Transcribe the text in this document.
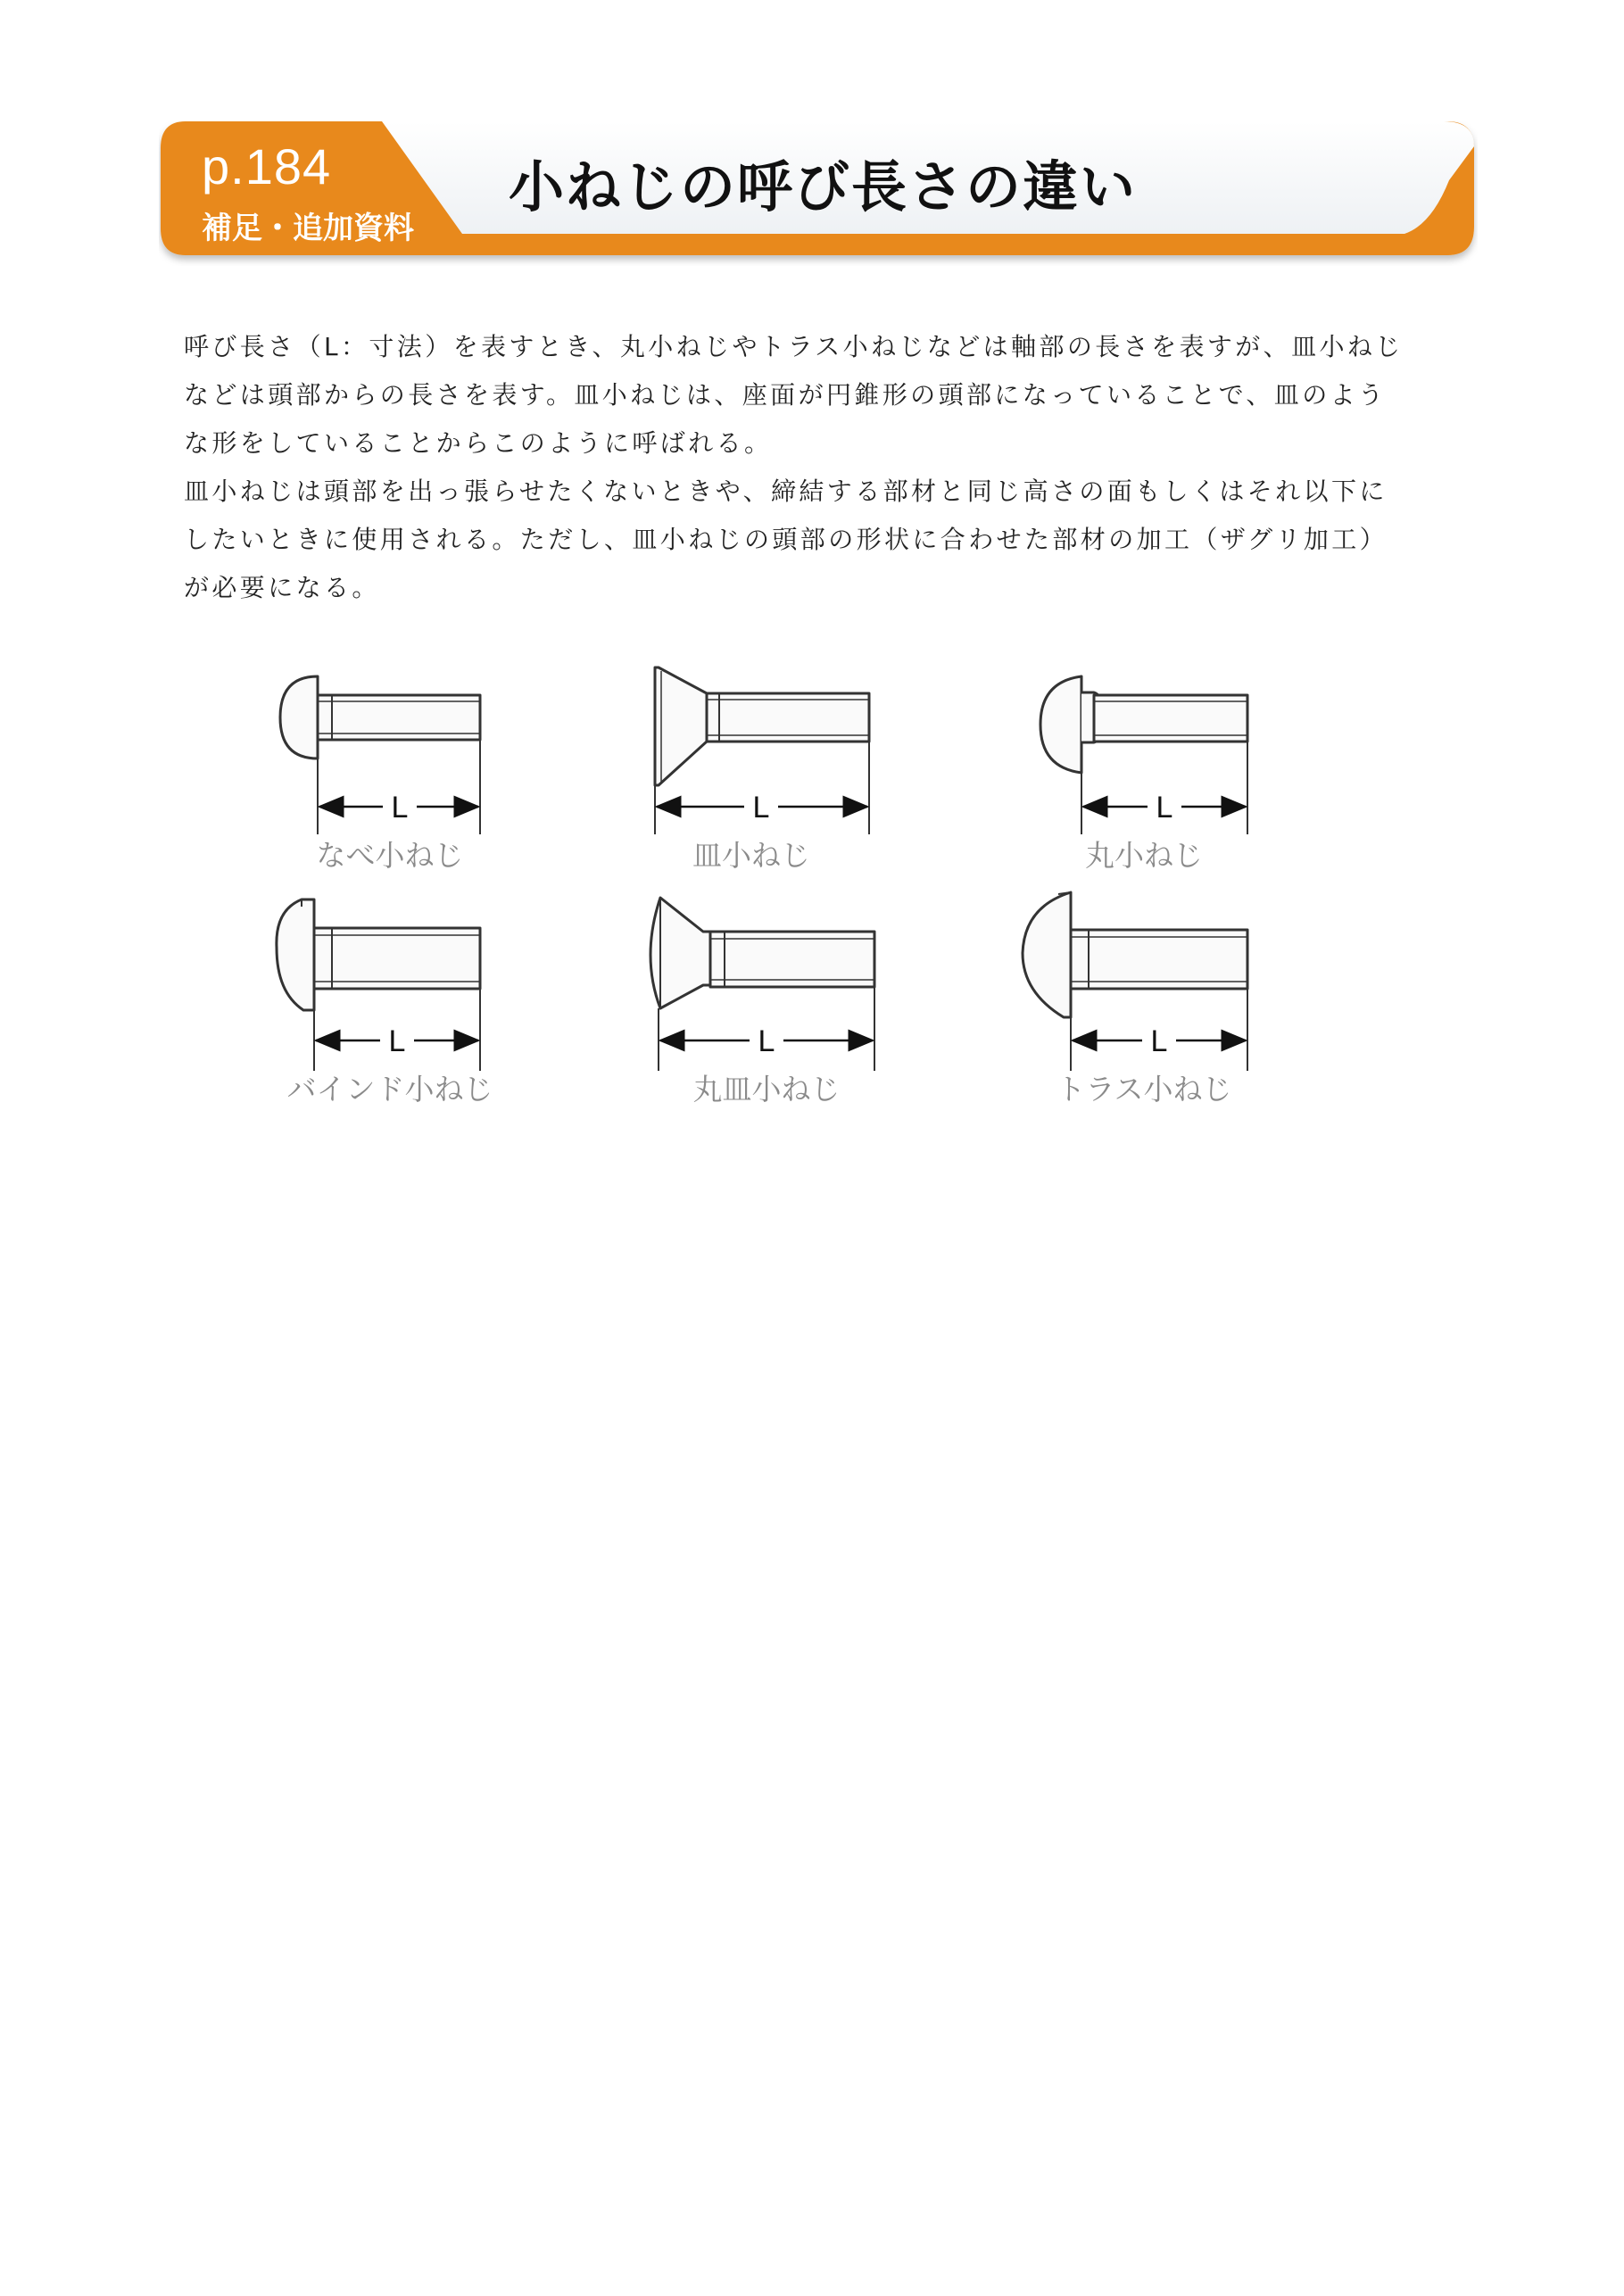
p.184
補足・追加資料
小ねじの呼び長さの違い

呼び長さ（L：寸法）を表すとき、丸小ねじやトラス小ねじなどは軸部の長さを表すが、皿小ねじ

などは頭部からの長さを表す。皿小ねじは、座面が円錐形の頭部になっていることで、皿のよう

な形をしていることからこのように呼ばれる。

皿小ねじは頭部を出っ張らせたくないときや、締結する部材と同じ高さの面もしくはそれ以下に

したいときに使用される。ただし、皿小ねじの頭部の形状に合わせた部材の加工（ザグリ加工）

が必要になる。

L	L	L
L	L	L
なべ小ねじ	皿小ねじ	丸小ねじ
バインド小ねじ	丸皿小ねじ	トラス小ねじ
